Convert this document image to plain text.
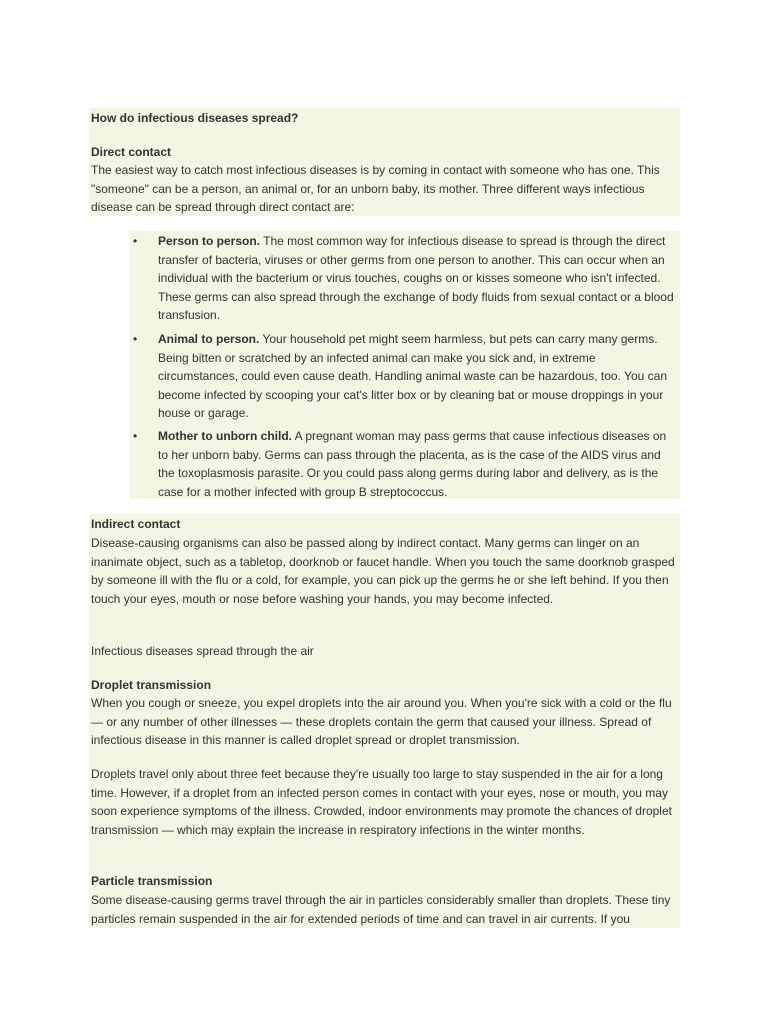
How do infectious diseases spread?

Direct contact

The easiest way to catch most infectious diseases is by coming in contact with someone who has one. This "someone" can be a person, an animal or, for an unborn baby, its mother. Three different ways infectious disease can be spread through direct contact are:

• Person to person. The most common way for infectious disease to spread is through the direct transfer of bacteria, viruses or other germs from one person to another. This can occur when an individual with the bacterium or virus touches, coughs on or kisses someone who isn't infected. These germs can also spread through the exchange of body fluids from sexual contact or a blood transfusion.
• Animal to person. Your household pet might seem harmless, but pets can carry many germs. Being bitten or scratched by an infected animal can make you sick and, in extreme circumstances, could even cause death. Handling animal waste can be hazardous, too. You can become infected by scooping your cat's litter box or by cleaning bat or mouse droppings in your house or garage.
• Mother to unborn child. A pregnant woman may pass germs that cause infectious diseases on to her unborn baby. Germs can pass through the placenta, as is the case of the AIDS virus and the toxoplasmosis parasite. Or you could pass along germs during labor and delivery, as is the case for a mother infected with group B streptococcus.

Indirect contact

Disease-causing organisms can also be passed along by indirect contact. Many germs can linger on an inanimate object, such as a tabletop, doorknob or faucet handle. When you touch the same doorknob grasped by someone ill with the flu or a cold, for example, you can pick up the germs he or she left behind. If you then touch your eyes, mouth or nose before washing your hands, you may become infected.

Infectious diseases spread through the air

Droplet transmission

When you cough or sneeze, you expel droplets into the air around you. When you're sick with a cold or the flu — or any number of other illnesses — these droplets contain the germ that caused your illness. Spread of infectious disease in this manner is called droplet spread or droplet transmission.

Droplets travel only about three feet because they're usually too large to stay suspended in the air for a long time. However, if a droplet from an infected person comes in contact with your eyes, nose or mouth, you may soon experience symptoms of the illness. Crowded, indoor environments may promote the chances of droplet transmission — which may explain the increase in respiratory infections in the winter months.

Particle transmission

Some disease-causing germs travel through the air in particles considerably smaller than droplets. These tiny particles remain suspended in the air for extended periods of time and can travel in air currents. If you
